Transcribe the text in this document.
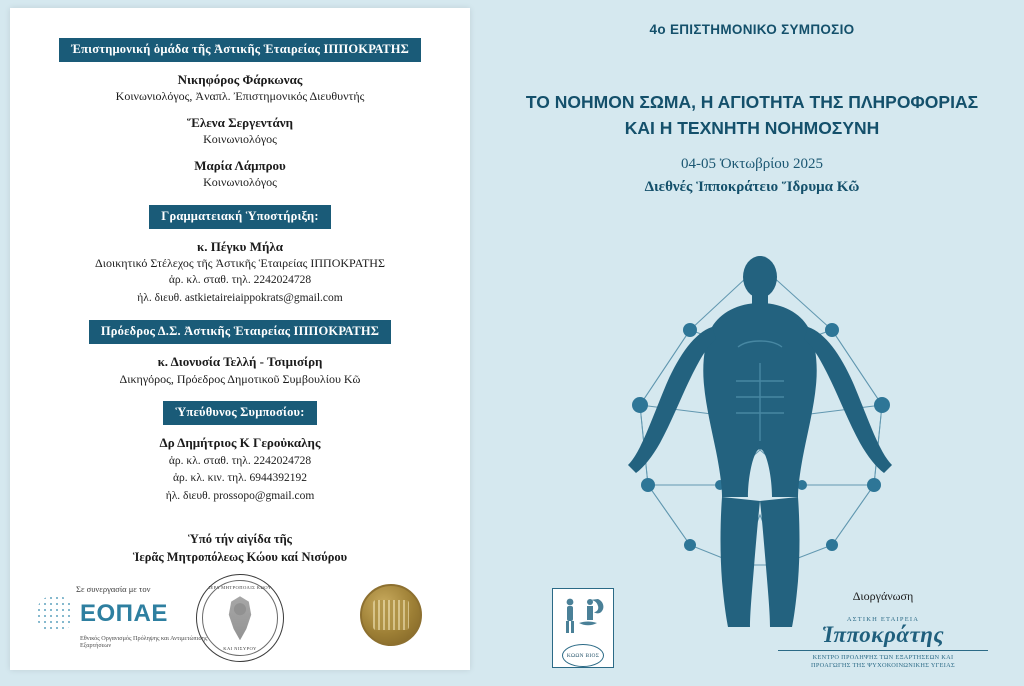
Ἐπιστημονική ὁμάδα τῆς Ἀστικῆς Ἑταιρείας ΙΠΠΟΚΡΑΤΗΣ
Νικηφόρος Φάρκωνας
Κοινωνιολόγος, Ἀναπλ. Ἐπιστημονικός Διευθυντής
Ἕλενα Σεργεντάνη
Κοινωνιολόγος
Μαρία Λάμπρου
Κοινωνιολόγος
Γραμματειακή Ὑποστήριξη:
κ. Πέγκυ Μήλα
Διοικητικό Στέλεχος τῆς Ἀστικῆς Ἑταιρείας ΙΠΠΟΚΡΑΤΗΣ
ἀρ. κλ. σταθ. τηλ. 2242024728
ἠλ. διευθ. astkietaireiaippokrats@gmail.com
Πρόεδρος Δ.Σ. Ἀστικῆς Ἑταιρείας ΙΠΠΟΚΡΑΤΗΣ
κ. Διονυσία Τελλή - Τσιμισίρη
Δικηγόρος, Πρόεδρος Δημοτικοῦ Συμβουλίου Κῶ
Ὑπεύθυνος Συμποσίου:
Δρ Δημήτριος Κ Γεροὐκαλης
ἀρ. κλ. σταθ. τηλ. 2242024728
ἀρ. κλ. κιν. τηλ. 6944392192
ἠλ. διευθ. prossopo@gmail.com
Ὑπό τήν αἰγίδα τῆς
Ἱερᾶς Μητροπόλεως Κώου καί Νισύρου
ΙΕΡΑ ΜΗΤΡΟΠΟΛΙΣ ΚΩΟΥ
ΚΑΙ ΝΙΣΥΡΟΥ
Σε συνεργασία με τον
ΕΟΠΑΕ
Εθνικός Οργανισμός Πρόληψης και Αντιμετώπισης Εξαρτήσεων
4ο ΕΠΙΣΤΗΜΟΝΙΚΟ ΣΥΜΠΟΣΙΟ
ΤΟ ΝΟΗΜΟΝ ΣΩΜΑ, Η ΑΓΙΟΤΗΤΑ ΤΗΣ ΠΛΗΡΟΦΟΡΙΑΣ
ΚΑΙ Η ΤΕΧΝΗΤΗ ΝΟΗΜΟΣΥΝΗ
04-05 Ὀκτωβρίου 2025
Διεθνές Ἱπποκράτειο Ἵδρυμα Κῶ
ΚΩΩΝ ΒΙΟΣ
Διοργάνωση
ΑΣΤΙΚΗ ΕΤΑΙΡΕΙΑ
Ἱπποκράτης
ΚΕΝΤΡΟ ΠΡΟΛΗΨΗΣ ΤΩΝ ΕΞΑΡΤΗΣΕΩΝ ΚΑΙ
ΠΡΟΑΓΩΓΗΣ ΤΗΣ ΨΥΧΟΚΟΙΝΩΝΙΚΗΣ ΥΓΕΙΑΣ
